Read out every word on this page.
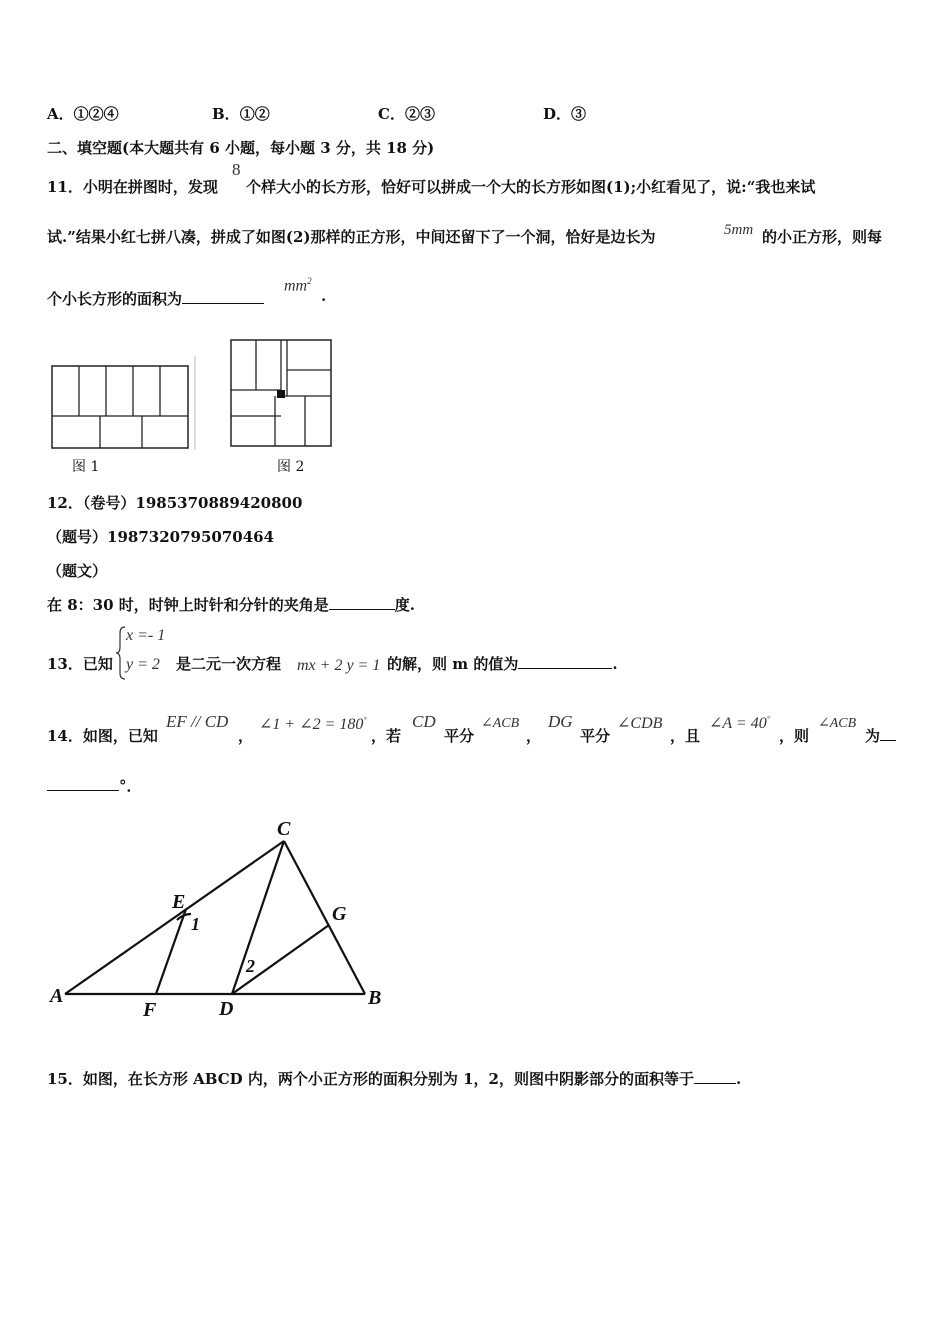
A．①②④	B．①②	C．②③	D．③
二、填空题(本大题共有 6 小题，每小题 3 分，共 18 分)
11．小明在拼图时，发现
8
个样大小的长方形，恰好可以拼成一个大的长方形如图(1);小红看见了，说:“我也来试
试.”结果小红七拼八凑，拼成了如图(2)那样的正方形，中间还留下了一个洞，恰好是边长为	5mm 的小正方形，则每
个小长方形的面积为
$mm^2$
.
图 1	图 2
12．（卷号）1985370889420800
（题号）1987320795070464
（题文）
在 8：30 时，时钟上时针和分针的夹角是	度.
13．已知
x =- 1
y = 2 是二元一次方程 mx + 2 y = 1 的解，则 m 的值为	.
14．如图，已知
EF // CD
，
∠1 + ∠2 = 180°
，若
CD
平分
∠ACB
，
DG
平分
∠CDB
，且
∠A = 40°
，则
∠ACB
为
°．
A	B
C
D
E
F
G
1
2
15．如图，在长方形 ABCD 内，两个小正方形的面积分别为 1，2，则图中阴影部分的面积等于	.
